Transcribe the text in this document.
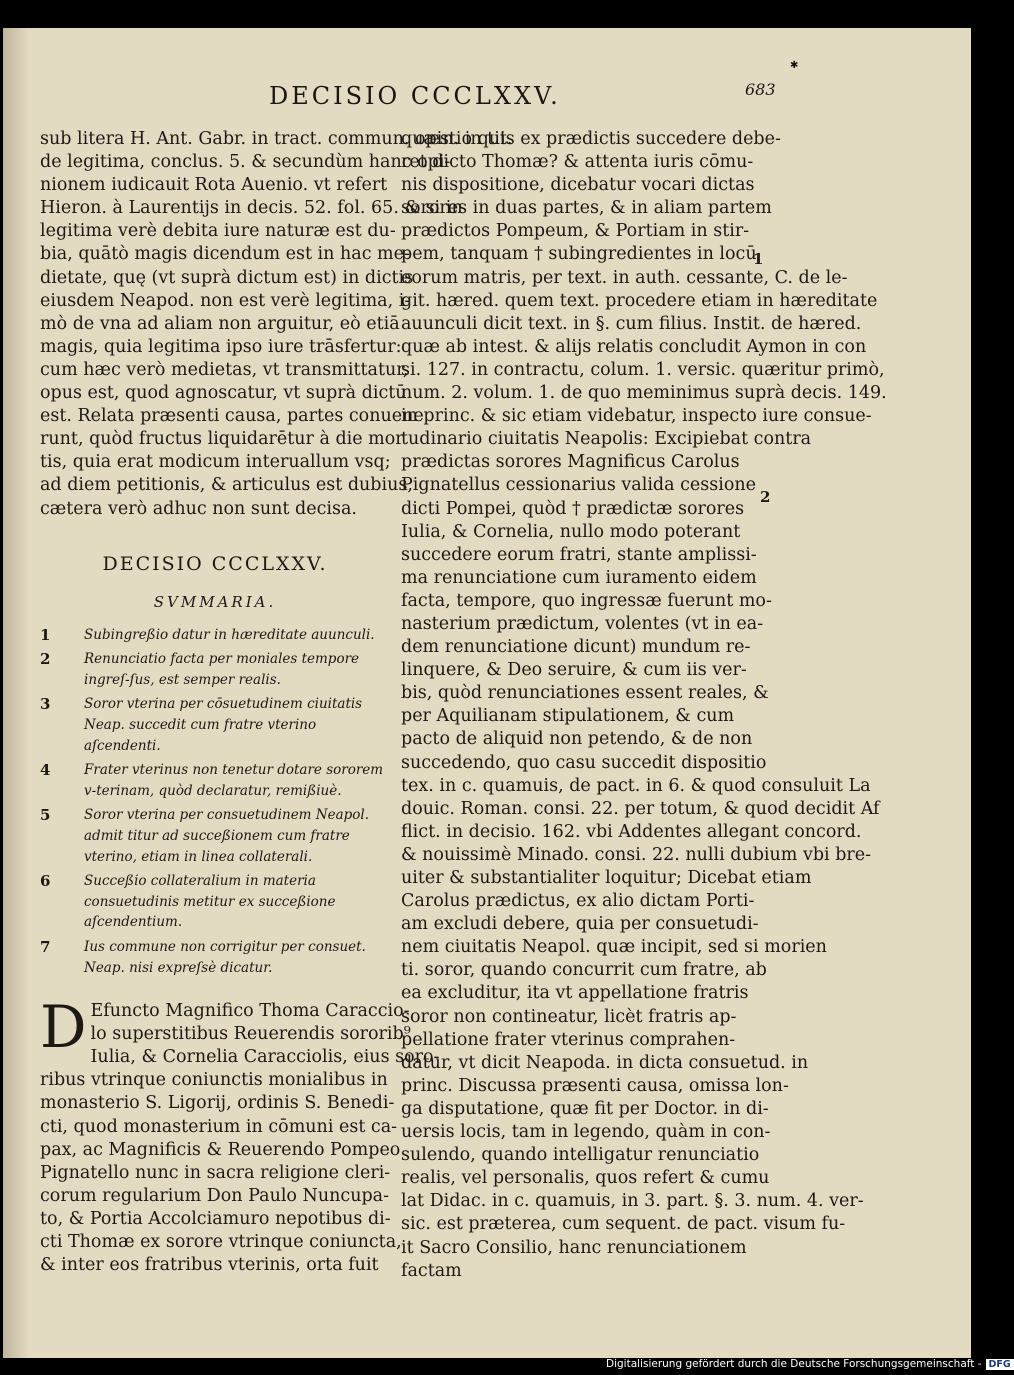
✱
DECISIO CCCLXXV.	683

sub litera H. Ant. Gabr. in tract. commun. opin. in tit.
de legitima, conclus. 5. & secundùm hanc opi-
nionem iudicauit Rota Auenio. vt refert
Hieron. à Laurentijs in decis. 52. fol. 65. & si in
legitima verè debita iure naturæ est du-
bia, quātò magis dicendum est in hac me-
dietate, quę (vt suprà dictum est) in dictis
eiusdem Neapod. non est verè legitima, i-
mò de vna ad aliam non arguitur, eò etiā
magis, quia legitima ipso iure trāsfertur:
cum hæc verò medietas, vt transmittatur,
opus est, quod agnoscatur, vt suprà dictū
est. Relata præsenti causa, partes conuene
runt, quòd fructus liquidarētur à die mor
tis, quia erat modicum interuallum vsq;
ad diem petitionis, & articulus est dubius,
cætera verò adhuc non sunt decisa.

DECISIO CCCLXXV.
SVMMARIA.
1	Subingreßio datur in hæreditate auunculi.
2	Renunciatio facta per moniales tempore ingreſ-ſus, est semper realis.
3	Soror vterina per cōsuetudinem ciuitatis Neap. succedit cum fratre vterino aſcendenti.
4	Frater vterinus non tenetur dotare sororem v-terinam, quòd declaratur, remißiuè.
5	Soror vterina per consuetudinem Neapol. admit titur ad succeßionem cum fratre vterino, etiam in linea collaterali.
6	Succeßio collateralium in materia consuetudinis metitur ex succeßione aſcendentium.
7	Ius commune non corrigitur per consuet. Neap. nisi expreſsè dicatur.

D Efuncto Magnifico Thoma Caraccio-
lo superstitibus Reuerendis sororib⁹
Iulia, & Cornelia Caracciolis, eius soro-
ribus vtrinque coniunctis monialibus in
monasterio S. Ligorij, ordinis S. Benedi-
cti, quod monasterium in cōmuni est ca-
pax, ac Magnificis & Reuerendo Pompeo
Pignatello nunc in sacra religione cleri-
corum regularium Don Paulo Nuncupa-
to, & Portia Accolciamuro nepotibus di-
cti Thomæ ex sorore vtrinque coniuncta,
& inter eos fratribus vterinis, orta fuit

quæstio quis ex prædictis succedere debe-
ret dicto Thomæ? & attenta iuris cōmu-
nis dispositione, dicebatur vocari dictas
sorores in duas partes, & in aliam partem
prædictos Pompeum, & Portiam in stir-
pem, tanquam † subingredientes in locū
eorum matris, per text. in auth. cessante, C. de le-
git. hæred. quem text. procedere etiam in hæreditate
auunculi dicit text. in §. cum filius. Instit. de hæred.
quæ ab intest. & alijs relatis concludit Aymon in con
si. 127. in contractu, colum. 1. versic. quæritur primò,
num. 2. volum. 1. de quo meminimus suprà decis. 149.
in princ. & sic etiam videbatur, inspecto iure consue-
tudinario ciuitatis Neapolis: Excipiebat contra
prædictas sorores Magnificus Carolus
Pignatellus cessionarius valida cessione
dicti Pompei, quòd † prædictæ sorores
Iulia, & Cornelia, nullo modo poterant
succedere eorum fratri, stante amplissi-
ma renunciatione cum iuramento eidem
facta, tempore, quo ingressæ fuerunt mo-
nasterium prædictum, volentes (vt in ea-
dem renunciatione dicunt) mundum re-
linquere, & Deo seruire, & cum iis ver-
bis, quòd renunciationes essent reales, &
per Aquilianam stipulationem, & cum
pacto de aliquid non petendo, & de non
succedendo, quo casu succedit dispositio
tex. in c. quamuis, de pact. in 6. & quod consuluit La
douic. Roman. consi. 22. per totum, & quod decidit Af
flict. in decisio. 162. vbi Addentes allegant concord.
& nouissimè Minado. consi. 22. nulli dubium vbi bre-
uiter & substantialiter loquitur; Dicebat etiam
Carolus prædictus, ex alio dictam Porti-
am excludi debere, quia per consuetudi-
nem ciuitatis Neapol. quæ incipit, sed si morien
ti. soror, quando concurrit cum fratre, ab
ea excluditur, ita vt appellatione fratris
soror non contineatur, licèt fratris ap-
pellatione frater vterinus comprahen-
datur, vt dicit Neapoda. in dicta consuetud. in
princ. Discussa præsenti causa, omissa lon-
ga disputatione, quæ fit per Doctor. in di-
uersis locis, tam in legendo, quàm in con-
sulendo, quando intelligatur renunciatio
realis, vel personalis, quos refert & cumu
lat Didac. in c. quamuis, in 3. part. §. 3. num. 4. ver-
sic. est præterea, cum sequent. de pact. visum fu-
it Sacro Consilio, hanc renunciationem
factam

1
2
Digitalisierung gefördert durch die Deutsche Forschungsgemeinschaft - DFG
